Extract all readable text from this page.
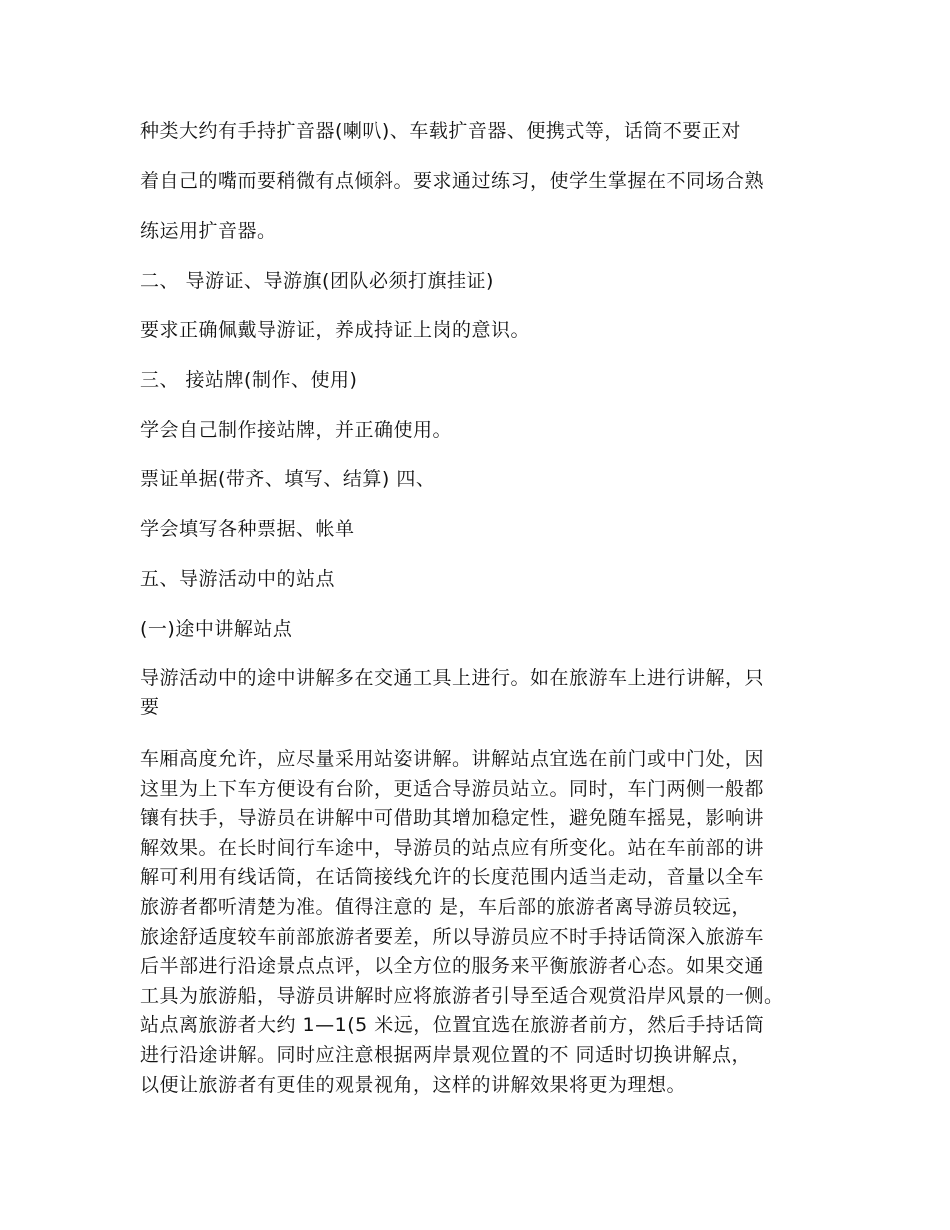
种类大约有手持扩音器(喇叭)、车载扩音器、便携式等，话筒不要正对
着自己的嘴而要稍微有点倾斜。要求通过练习，使学生掌握在不同场合熟
练运用扩音器。
二、 导游证、导游旗(团队必须打旗挂证)
要求正确佩戴导游证，养成持证上岗的意识。
三、 接站牌(制作、使用)
学会自己制作接站牌，并正确使用。
票证单据(带齐、填写、结算) 四、
学会填写各种票据、帐单
五、导游活动中的站点
(一)途中讲解站点
导游活动中的途中讲解多在交通工具上进行。如在旅游车上进行讲解，只
要
车厢高度允许，应尽量采用站姿讲解。讲解站点宜选在前门或中门处，因
这里为上下车方便设有台阶，更适合导游员站立。同时，车门两侧一般都
镶有扶手，导游员在讲解中可借助其增加稳定性，避免随车摇晃，影响讲
解效果。在长时间行车途中，导游员的站点应有所变化。站在车前部的讲
解可利用有线话筒，在话筒接线允许的长度范围内适当走动，音量以全车
旅游者都听清楚为准。值得注意的 是，车后部的旅游者离导游员较远，
旅途舒适度较车前部旅游者要差，所以导游员应不时手持话筒深入旅游车
后半部进行沿途景点点评，以全方位的服务来平衡旅游者心态。如果交通
工具为旅游船，导游员讲解时应将旅游者引导至适合观赏沿岸风景的一侧。
站点离旅游者大约 1—1(5 米远，位置宜选在旅游者前方，然后手持话筒
进行沿途讲解。同时应注意根据两岸景观位置的不 同适时切换讲解点，
以便让旅游者有更佳的观景视角，这样的讲解效果将更为理想。
